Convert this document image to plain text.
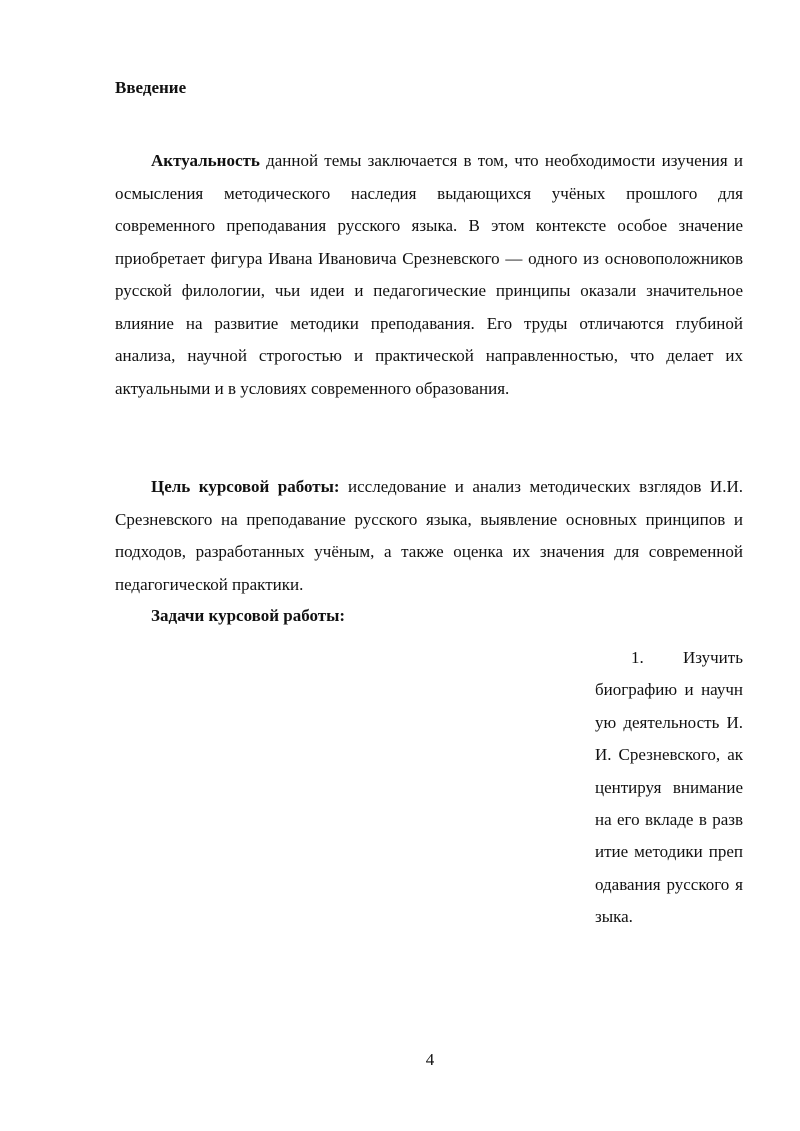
Введение

Актуальность данной темы заключается в том, что необходимости изучения и осмысления методического наследия выдающихся учёных прошлого для современного преподавания русского языка. В этом контексте особое значение приобретает фигура Ивана Ивановича Срезневского — одного из основоположников русской филологии, чьи идеи и педагогические принципы оказали значительное влияние на развитие методики преподавания. Его труды отличаются глубиной анализа, научной строгостью и практической направленностью, что делает их актуальными и в условиях современного образования.

Цель курсовой работы: исследование и анализ методических взглядов И.И. Срезневского на преподавание русского языка, выявление основных принципов и подходов, разработанных учёным, а также оценка их значения для современной педагогической практики.

Задачи курсовой работы:
1. Изучить биографию и научную деятельность И.И. Срезневского, акцентируя внимание на его вкладе в развитие методики преподавания русского языка.
4
